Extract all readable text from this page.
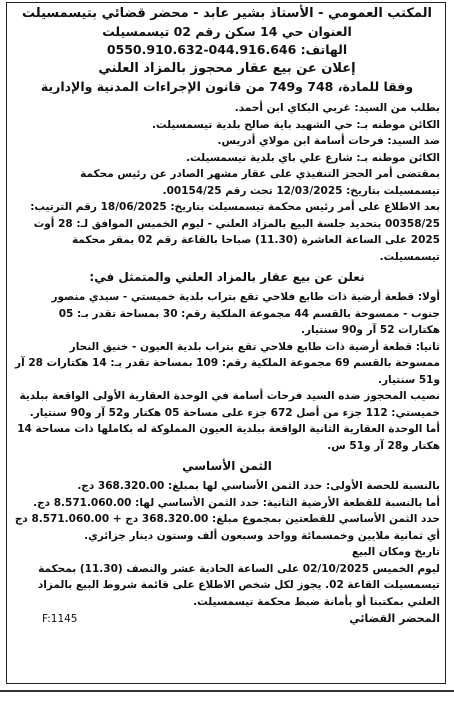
المكتب العمومي - الأستاذ بشير عابد - محضر قضائي بتيسمسيلت

العنوان حي 14 سكن رقم 02 تيسمسيلت

الهاتف: 044.916.646-0550.910.632

إعلان عن بيع عقار محجوز بالمزاد العلني

وفقا للمادة، 748 و749 من قانون الإجراءات المدنية والإدارية

بطلب من السيد: غربي البكاي ابن أحمد.

الكائن موطنه بـ: حي الشهيد باية صالح بلدية تيسمسيلت.

ضد السيد: فرحات أسامة ابن مولاي أدريس.

الكائن موطنه بـ: شارع علي باي بلدية تيسمسيلت.

بمقتضى أمر الحجز التنفيذي على عقار مشهر الصادر عن رئيس محكمة

تيسمسيلت بتاريخ: 12/03/2025 تحت رقم 00154/25.

بعد الاطلاع على أمر رئيس محكمة تيسمسيلت بتاريخ: 18/06/2025 رقم الترتيب:

00358/25 بتحديد جلسة البيع بالمزاد العلني - ليوم الخميس الموافق لـ: 28 أوت

2025 على الساعة العاشرة (11.30) صباحا بالقاعة رقم 02 بمقر محكمة

تيسمسيلت.

نعلن عن بيع عقار بالمزاد العلني والمتمثل في:

أولا: قطعة أرضية ذات طابع فلاحي تقع بتراب بلدية خميستي - سيدي منصور

جنوب - ممسوحة بالقسم 44 مجموعة الملكية رقم: 30 بمساحة تقدر بـ: 05

هكتارات 52 آر و90 سنتيار.

ثانيا: قطعة أرضية ذات طابع فلاحي تقع بتراب بلدية العيون - خنيق النحار

ممسوحة بالقسم 69 مجموعة الملكية رقم: 109 بمساحة تقدر بـ: 14 هكتارات 28 آر

و51 سنتيار.

نصيب المحجوز ضده السيد فرحات أسامة في الوحدة العقارية الأولى الواقعة ببلدية

خميستي: 112 جزء من أصل 672 جزء على مساحة 05 هكتار و52 آر و90 سنتيار.

أما الوحدة العقارية الثانية الواقعة ببلدية العيون المملوكة له بكاملها ذات مساحة 14

هكتار و28 آر و51 س.

الثمن الأساسي

بالنسبة للحصة الأولى: حدد الثمن الأساسي لها بمبلغ: 368.320.00 دج.

أما بالنسبة للقطعة الأرضية الثانية: حدد الثمن الأساسي لها: 8.571.060.00 دج.

حدد الثمن الأساسي للقطعتين بمجموع مبلغ: 368.320.00 دج + 8.571.060.00 دج

أي ثمانية ملايين وخمسمائة وواحد وسبعون ألف وستون دينار جزائري.

تاريخ ومكان البيع

ليوم الخميس 02/10/2025 على الساعة الحادية عشر والنصف (11.30) بمحكمة

تيسمسيلت القاعة 02. يجوز لكل شخص الاطلاع على قائمة شروط البيع بالمزاد

العلني بمكتبنا أو بأمانة ضبط محكمة تيسمسيلت.
المحضر القضائي
F:1145
